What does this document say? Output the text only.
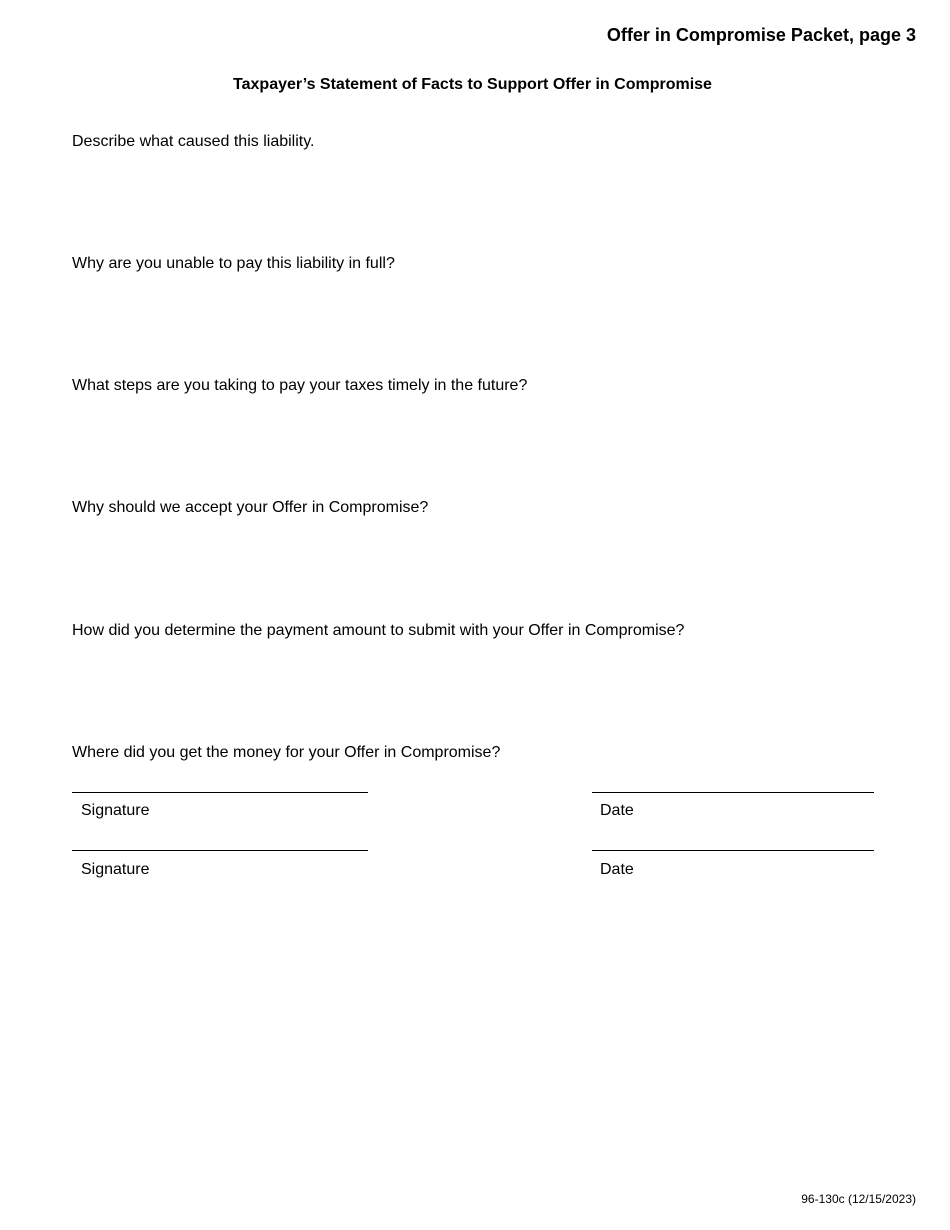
Offer in Compromise Packet, page 3
Taxpayer’s Statement of Facts to Support Offer in Compromise
Describe what caused this liability.
Why are you unable to pay this liability in full?
What steps are you taking to pay your taxes timely in the future?
Why should we accept your Offer in Compromise?
How did you determine the payment amount to submit with your Offer in Compromise?
Where did you get the money for your Offer in Compromise?
Signature	Date
Signature	Date
96-130c (12/15/2023)
